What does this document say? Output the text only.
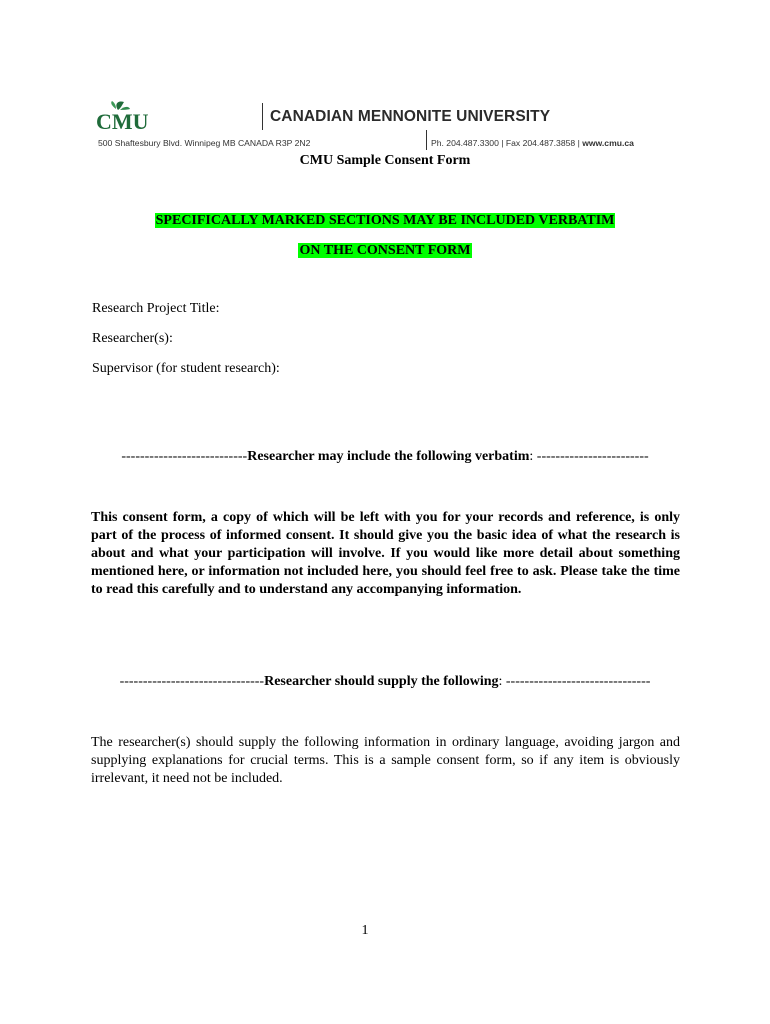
CMU	CANADIAN MENNONITE UNIVERSITY
500 Shaftesbury Blvd. Winnipeg MB CANADA R3P 2N2	Ph. 204.487.3300 | Fax 204.487.3858 | www.cmu.ca
CMU Sample Consent Form
SPECIFICALLY MARKED SECTIONS MAY BE INCLUDED VERBATIM
ON THE CONSENT FORM
Research Project Title:
Researcher(s):
Supervisor (for student research):
---------------------------Researcher may include the following verbatim: ------------------------
This consent form, a copy of which will be left with you for your records and reference, is only part of the process of informed consent. It should give you the basic idea of what the research is about and what your participation will involve. If you would like more detail about something mentioned here, or information not included here, you should feel free to ask. Please take the time to read this carefully and to understand any accompanying information.
-------------------------------Researcher should supply the following: -------------------------------
The researcher(s) should supply the following information in ordinary language, avoiding jargon and supplying explanations for crucial terms. This is a sample consent form, so if any item is obviously irrelevant, it need not be included.
1
